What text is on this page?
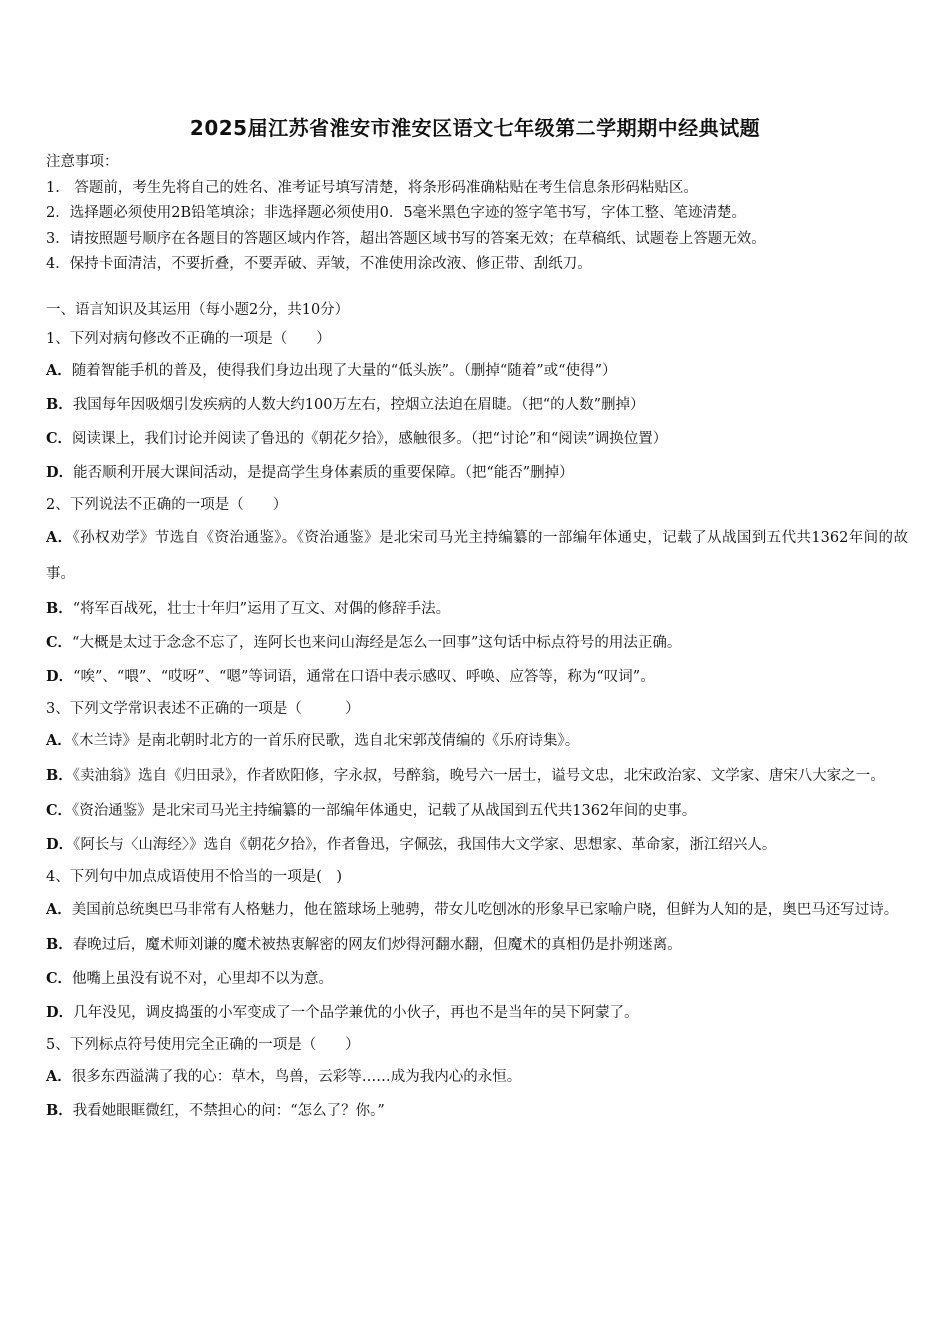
2025届江苏省淮安市淮安区语文七年级第二学期期中经典试题
注意事项：
1.　答题前，考生先将自己的姓名、准考证号填写清楚，将条形码准确粘贴在考生信息条形码粘贴区。
2．选择题必须使用2B铅笔填涂；非选择题必须使用0．5毫米黑色字迹的签字笔书写，字体工整、笔迹清楚。
3．请按照题号顺序在各题目的答题区域内作答，超出答题区域书写的答案无效；在草稿纸、试题卷上答题无效。
4．保持卡面清洁，不要折叠，不要弄破、弄皱，不准使用涂改液、修正带、刮纸刀。
一、语言知识及其运用（每小题2分，共10分）
1、下列对病句修改不正确的一项是（　　）
A．随着智能手机的普及，使得我们身边出现了大量的“低头族”。（删掉“随着”或“使得”）
B．我国每年因吸烟引发疾病的人数大约100万左右，控烟立法迫在眉睫。（把“的人数”删掉）
C．阅读课上，我们讨论并阅读了鲁迅的《朝花夕拾》，感触很多。（把“讨论”和“阅读”调换位置）
D．能否顺利开展大课间活动，是提高学生身体素质的重要保障。（把“能否”删掉）
2、下列说法不正确的一项是（　　）
A．《孙权劝学》节选自《资治通鉴》。《资治通鉴》是北宋司马光主持编纂的一部编年体通史，记载了从战国到五代共1362年间的故事。
B．“将军百战死，壮士十年归”运用了互文、对偶的修辞手法。
C．“大概是太过于念念不忘了，连阿长也来问山海经是怎么一回事”这句话中标点符号的用法正确。
D．“唉”、“喂”、“哎呀”、“嗯”等词语，通常在口语中表示感叹、呼唤、应答等，称为“叹词”。
3、下列文学常识表述不正确的一项是（　　　）
A．《木兰诗》是南北朝时北方的一首乐府民歌，选自北宋郭茂倩编的《乐府诗集》。
B．《卖油翁》选自《归田录》，作者欧阳修，字永叔，号醉翁，晚号六一居士，谥号文忠，北宋政治家、文学家、唐宋八大家之一。
C．《资治通鉴》是北宋司马光主持编纂的一部编年体通史，记载了从战国到五代共1362年间的史事。
D．《阿长与〈山海经〉》选自《朝花夕拾》，作者鲁迅，字佩弦，我国伟大文学家、思想家、革命家，浙江绍兴人。
4、下列句中加点成语使用不恰当的一项是(　)
A．美国前总统奥巴马非常有人格魅力，他在篮球场上驰骋，带女儿吃刨冰的形象早已家喻户晓，但鲜为人知的是，奥巴马还写过诗。
B．春晚过后，魔术师刘谦的魔术被热衷解密的网友们炒得河翻水翻，但魔术的真相仍是扑朔迷离。
C．他嘴上虽没有说不对，心里却不以为意。
D．几年没见，调皮捣蛋的小军变成了一个品学兼优的小伙子，再也不是当年的吴下阿蒙了。
5、下列标点符号使用完全正确的一项是（　　）
A．很多东西溢满了我的心：草木，鸟兽，云彩等……成为我内心的永恒。
B．我看她眼眶微红，不禁担心的问：“怎么了？你。”
